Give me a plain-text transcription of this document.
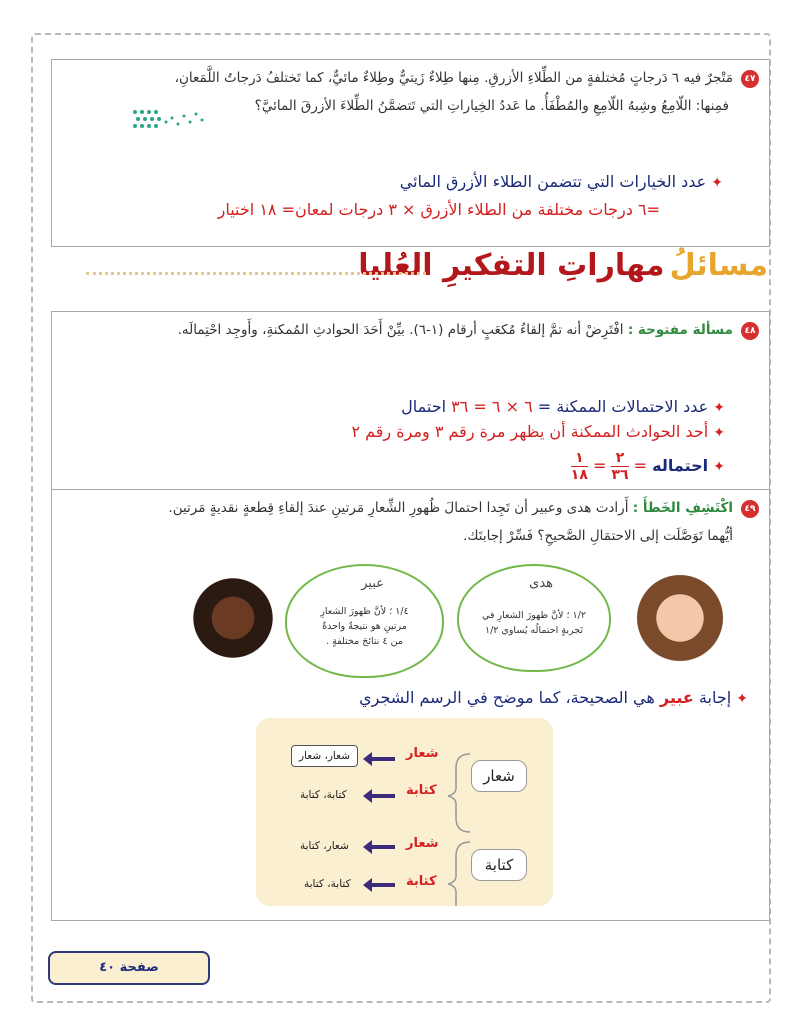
٤٧
مَتْجرٌ فيه ٦ دَرجاتٍ مُختلفةٍ من الطِّلاءِ الأزرقِ. مِنها طِلاءٌ زَيتيٌّ وطِلاءٌ مائيٌّ، كما تَختلفُ دَرجاتُ اللَّمَعانِ،
فمِنها: اللّامِعُ وشِبهُ اللّامِعِ والمُطْفَأُ. ما عَددُ الخِياراتِ التي تَتضمَّنُ الطِّلاءَ الأزرقَ المائيَّ؟
✦ عدد الخيارات التي تتضمن الطلاء الأزرق المائي
=٦ درجات مختلفة من الطلاء الأزرق × ٣ درجات لمعان= ١٨ اختيار
مسائلُ مهاراتِ التفكيرِ العُليا
٤٨
مسألة مفتوحة : افْتَرِضْ أنه تمَّ إلقاءُ مُكعَبٍ أرقام (١-٦). بيِّنْ أَحَدَ الحوادثِ المُمكنةِ، وأَوجِد احْتِمالَه.
✦ عدد الاحتمالات الممكنة = ٦ × ٦ = ٣٦ احتمال
✦ أحد الحوادث الممكنة أن يظهر مرة رقم ٣ ومرة رقم ٢
✦ احتماله =
$\frac{٢}{٣٦}$
=
$\frac{١}{١٨}$
٤٩
اكْتَشِفِ الخَطأَ : أَرادت هدى وعبير أن تَجِدا احتمالَ ظُهورِ الشِّعارِ مَرتينِ عندَ إلقاءِ قِطعةٍ نقديةٍ مَرتين.
أيُّهما تَوَصَّلَت إلى الاحتمَالِ الصَّحيحِ؟ فَسِّرْ إجابتَك.
عبير
١/٤ ؛ لأنَّ ظهورَ الشعارِ
مرتينِ هو نتيجةٌ واحدةٌ
من ٤ نتائجَ مختلفةٍ .
هدى
١/٢ ؛ لأنَّ ظهورَ الشعارِ في
تَجربةٍ احتمالُه يُساوي ١/٢
✦ إجابة عبير هي الصحيحة، كما موضح في الرسم الشجري
شعار
كتابة
شعار
كتابة
شعار
كتابة
شعار، شعار
كتابة، كتابة
شعار، كتابة
كتابة، كتابة
صفحة ٤٠
